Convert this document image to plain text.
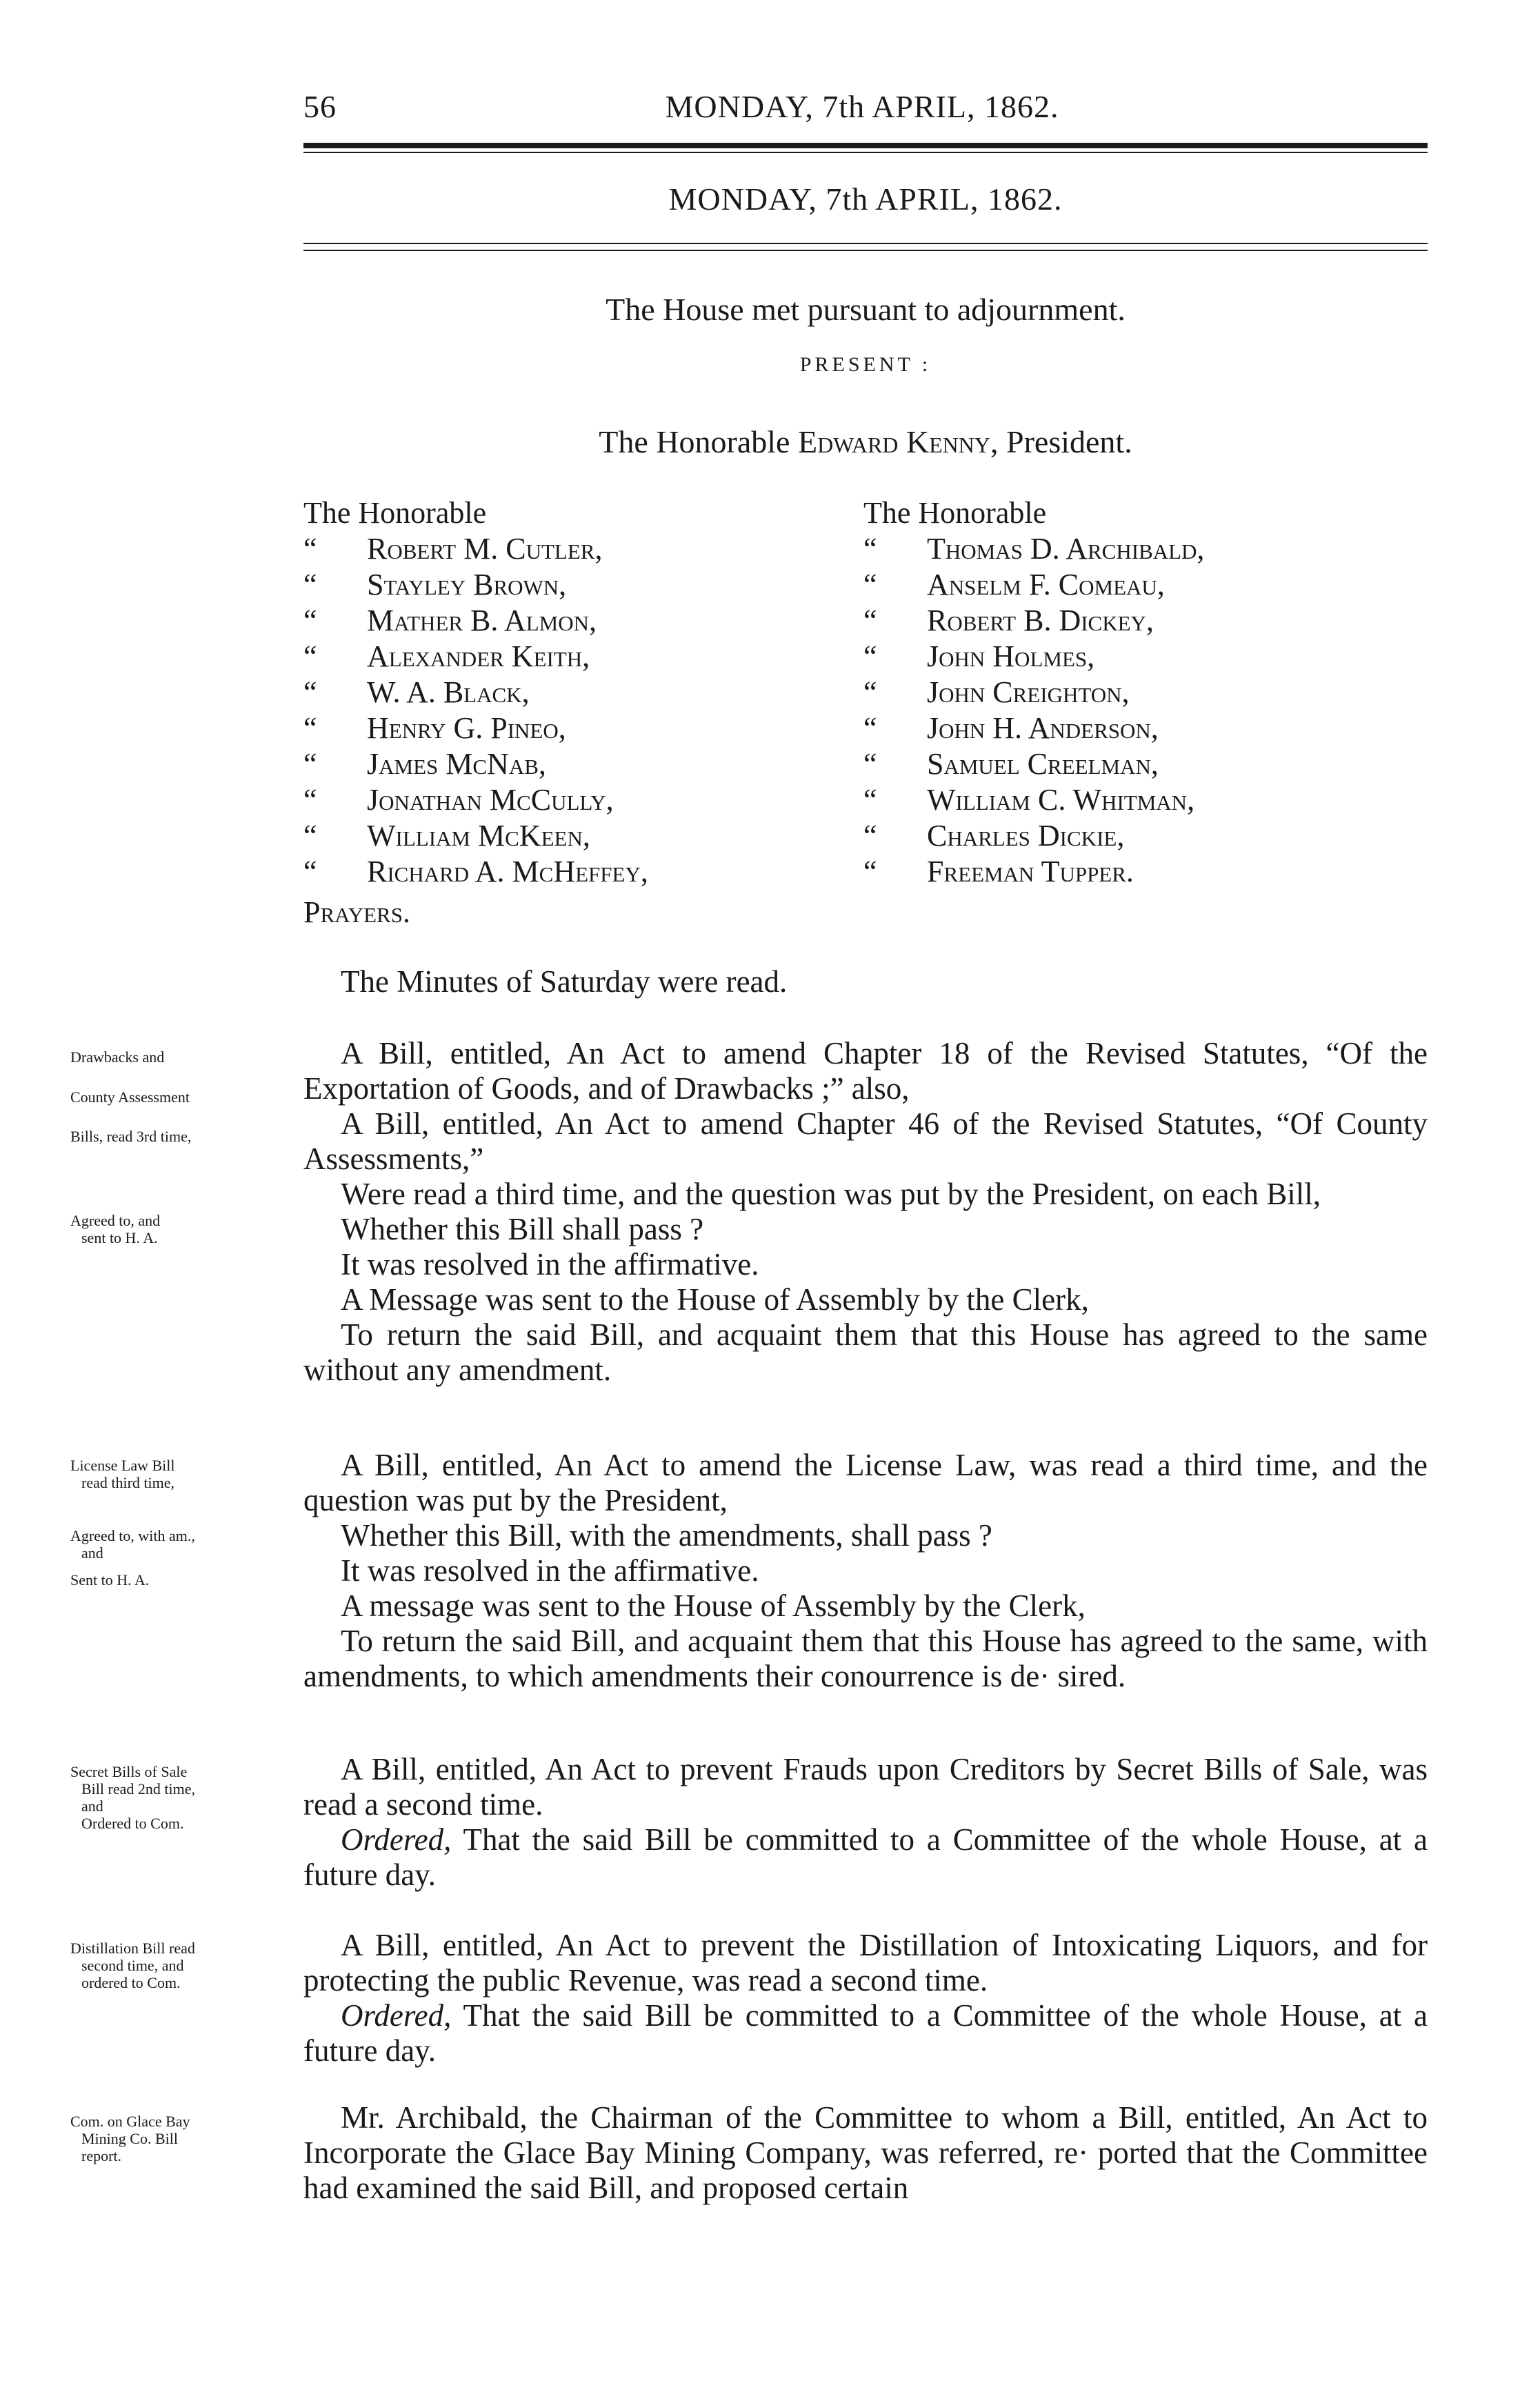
56	MONDAY, 7th APRIL, 1862.
MONDAY, 7th APRIL, 1862.
The House met pursuant to adjournment.
PRESENT :
The Honorable Edward Kenny, President.
The Honorable
“ Robert M. Cutler,
“ Stayley Brown,
“ Mather B. Almon,
“ Alexander Keith,
“ W. A. Black,
“ Henry G. Pineo,
“ James McNab,
“ Jonathan McCully,
“ William McKeen,
“ Richard A. McHeffey,
The Honorable
“ Thomas D. Archibald,
“ Anselm F. Comeau,
“ Robert B. Dickey,
“ John Holmes,
“ John Creighton,
“ John H. Anderson,
“ Samuel Creelman,
“ William C. Whitman,
“ Charles Dickie,
“ Freeman Tupper.
Prayers.

The Minutes of Saturday were read.

A Bill, entitled, An Act to amend Chapter 18 of the Revised Statutes, “Of the Exportation of Goods, and of Drawbacks ;” also,

A Bill, entitled, An Act to amend Chapter 46 of the Revised Statutes, “Of County Assessments,”

Were read a third time, and the question was put by the President, on each Bill,

Whether this Bill shall pass ?

It was resolved in the affirmative.

A Message was sent to the House of Assembly by the Clerk,

To return the said Bill, and acquaint them that this House has agreed to the same without any amendment.

A Bill, entitled, An Act to amend the License Law, was read a third time, and the question was put by the President,

Whether this Bill, with the amendments, shall pass ?

It was resolved in the affirmative.

A message was sent to the House of Assembly by the Clerk,

To return the said Bill, and acquaint them that this House has agreed to the same, with amendments, to which amendments their conourrence is de· sired.

A Bill, entitled, An Act to prevent Frauds upon Creditors by Secret Bills of Sale, was read a second time.

Ordered, That the said Bill be committed to a Committee of the whole House, at a future day.

A Bill, entitled, An Act to prevent the Distillation of Intoxicating Liquors, and for protecting the public Revenue, was read a second time.

Ordered, That the said Bill be committed to a Committee of the whole House, at a future day.

Mr. Archibald, the Chairman of the Committee to whom a Bill, entitled, An Act to Incorporate the Glace Bay Mining Company, was referred, re· ported that the Committee had examined the said Bill, and proposed certain

Drawbacks and
County Assessment
Bills, read 3rd time,
Agreed to, and
sent to H. A.
License Law Bill
read third time,
Agreed to, with am.,
and
Sent to H. A.
Secret Bills of Sale
Bill read 2nd time,
and
Ordered to Com.
Distillation Bill read
second time, and
ordered to Com.
Com. on Glace Bay
Mining Co. Bill
report.
